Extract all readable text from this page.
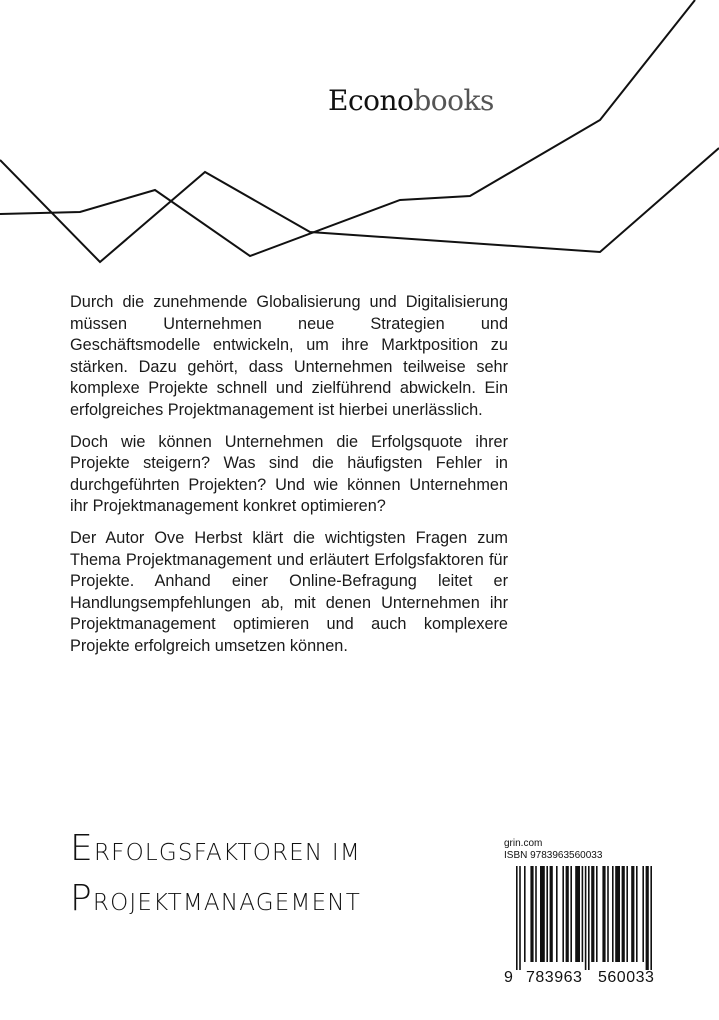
Econobooks

Durch die zunehmende Globalisierung und Digitalisierung müssen Unternehmen neue Strategien und Geschäftsmodelle entwickeln, um ihre Marktposition zu stärken. Dazu gehört, dass Unternehmen teilweise sehr komplexe Projekte schnell und zielführend abwickeln. Ein erfolgreiches Projektmanagement ist hierbei unerlässlich.

Doch wie können Unternehmen die Erfolgsquote ihrer Projekte steigern? Was sind die häufigsten Fehler in durchgeführten Projekten? Und wie können Unternehmen ihr Projektmanagement konkret optimieren?

Der Autor Ove Herbst klärt die wichtigsten Fragen zum Thema Projektmanagement und erläutert Erfolgsfaktoren für Projekte. Anhand einer Online-Befragung leitet er Handlungsempfehlungen ab, mit denen Unternehmen ihr Projektmanagement optimieren und auch komplexere Projekte erfolgreich umsetzen können.

ERFOLGSFAKTOREN IM
PROJEKTMANAGEMENT
grin.com
ISBN 9783963560033
9 783963 560033
